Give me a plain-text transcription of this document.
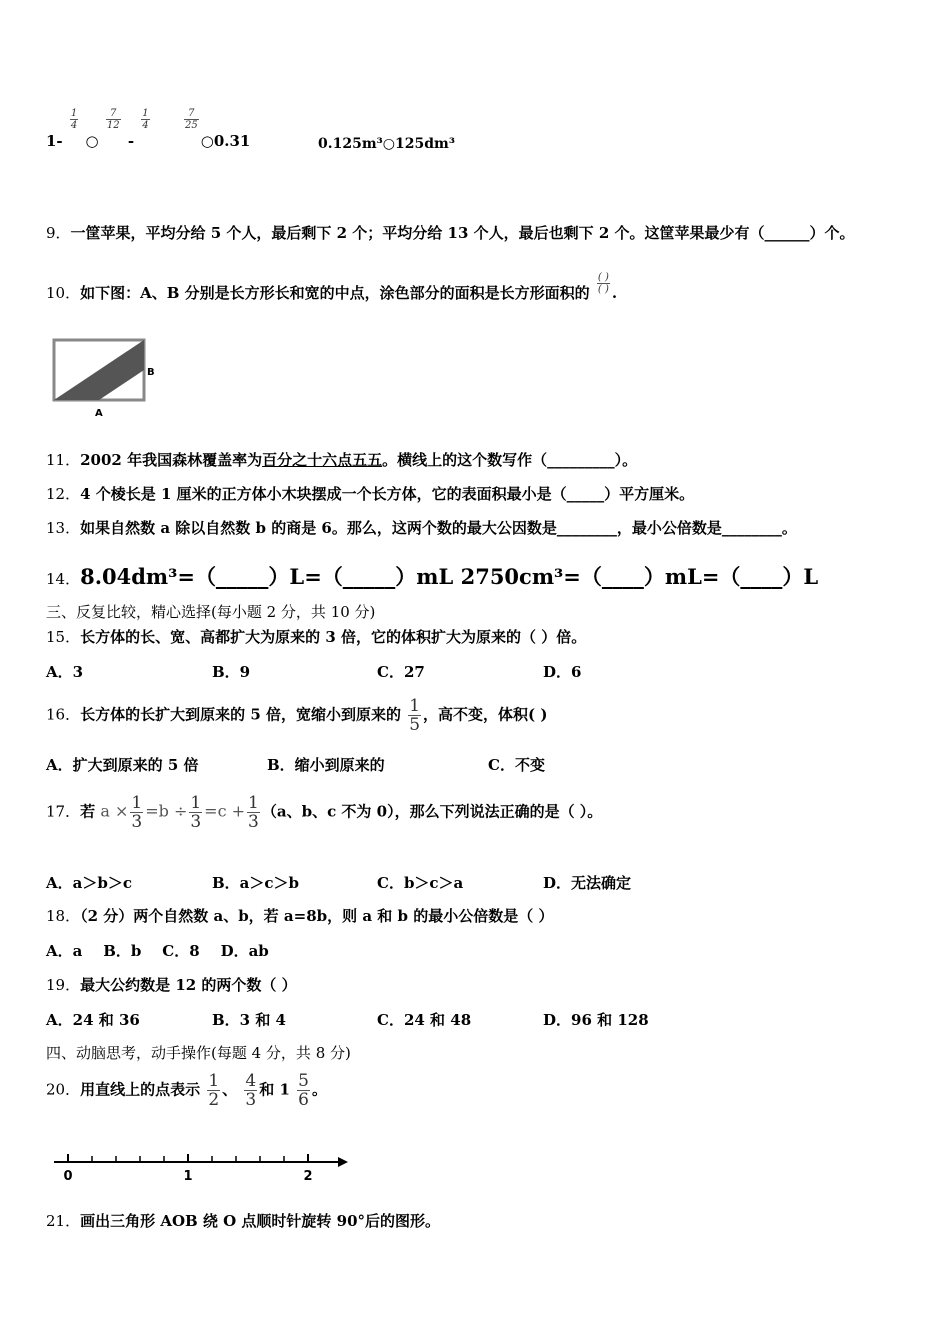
1-
$\frac{1}{4}$
○
$\frac{7}{12}$
-
$\frac{1}{4}$	$\frac{7}{25}$
○0.31	0.125m³○125dm³
9．一筐苹果，平均分给 5 个人，最后剩下 2 个；平均分给 13 个人，最后也剩下 2 个。这筐苹果最少有（______）个。
10．如下图：A、B 分别是长方形长和宽的中点，涂色部分的面积是长方形面积的 $\frac{( )}{( )}$ .
B
A
11．2002 年我国森林覆盖率为百分之十六点五五。横线上的这个数写作（_________）。
12．4 个棱长是 1 厘米的正方体小木块摆成一个长方体，它的表面积最小是（_____）平方厘米。
13．如果自然数 a 除以自然数 b 的商是 6。那么，这两个数的最大公因数是________，最小公倍数是________。
14．8.04dm³=（_____）L=（_____）mL 2750cm³=（____）mL=（____）L
三、反复比较，精心选择(每小题 2 分，共 10 分)
15．长方体的长、宽、高都扩大为原来的 3 倍，它的体积扩大为原来的（ ）倍。
A．3	B．9	C．27	D．6
16．长方体的长扩大到原来的 5 倍，宽缩小到原来的 $\frac{1}{5}$ ，高不变，体积( )
A．扩大到原来的 5 倍	B．缩小到原来的	C．不变
17．若 $a \times \frac{1}{3} =b \div \frac{1}{3} =c + \frac{1}{3} (a$、b、c 不为 0），那么下列说法正确的是（ ）。
A．a＞b＞c	B．a＞c＞b	C．b＞c＞a	D．无法确定
18．（2 分）两个自然数 a、b，若 a=8b，则 a 和 b 的最小公倍数是（ ）
A．a    B．b    C．8    D．ab
19．最大公约数是 12 的两个数（ ）
A．24 和 36	B．3 和 4	C．24 和 48	D．96 和 128
四、动脑思考，动手操作(每题 4 分，共 8 分)
20．用直线上的点表示 $\frac{1}{2}$ 、 $\frac{4}{3}$ 和 $1 \frac{5}{6}$ 。
0	1	2
21．画出三角形 AOB 绕 O 点顺时针旋转 90°后的图形。
